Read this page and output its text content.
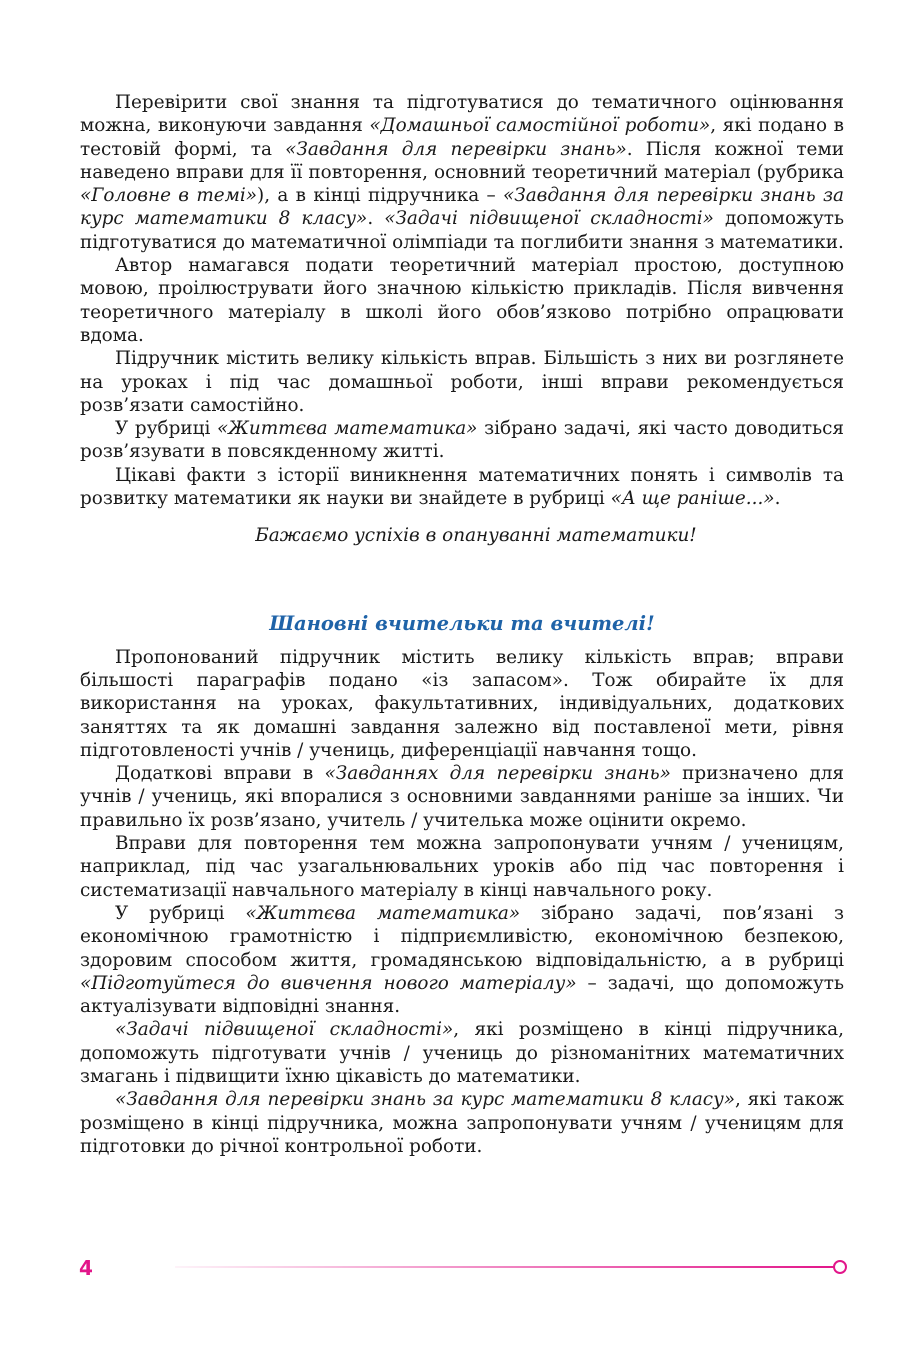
Перевірити свої знання та підготуватися до тематичного оцінювання можна, виконуючи завдання «Домашньої самостійної роботи», які подано в тестовій формі, та «Завдання для перевірки знань». Після кожної теми наведено вправи для її повторення, основний теоретичний матеріал (рубрика «Головне в темі»), а в кінці підручника – «Завдання для перевірки знань за курс математики 8 класу». «Задачі підвищеної складності» допоможуть підготуватися до математичної олімпіади та поглибити знання з математики.

Автор намагався подати теоретичний матеріал простою, доступною мовою, проілюструвати його значною кількістю прикладів. Після вивчення теоретичного матеріалу в школі його обов’язково потрібно опрацювати вдома.

Підручник містить велику кількість вправ. Більшість з них ви розглянете на уроках і під час домашньої роботи, інші вправи рекомендується розв’язати самостійно.

У рубриці «Життєва математика» зібрано задачі, які часто доводиться розв’язувати в повсякденному житті.

Цікаві факти з історії виникнення математичних понять і символів та розвитку математики як науки ви знайдете в рубриці «А ще раніше...».

Бажаємо успіхів в опануванні математики!

Шановні вчительки та вчителі!

Пропонований підручник містить велику кількість вправ; вправи більшості параграфів подано «із запасом». Тож обирайте їх для використання на уроках, факультативних, індивідуальних, додаткових заняттях та як домашні завдання залежно від поставленої мети, рівня підготовленості учнів / учениць, диференціації навчання тощо.

Додаткові вправи в «Завданнях для перевірки знань» призначено для учнів / учениць, які впоралися з основними завданнями раніше за інших. Чи правильно їх розв’язано, учитель / учителька може оцінити окремо.

Вправи для повторення тем можна запропонувати учням / ученицям, наприклад, під час узагальнювальних уроків або під час повторення і систематизації навчального матеріалу в кінці навчального року.

У рубриці «Життєва математика» зібрано задачі, пов’язані з економічною грамотністю і підприємливістю, економічною безпекою, здоровим способом життя, громадянською відповідальністю, а в рубриці «Підготуйтеся до вивчення нового матеріалу» – задачі, що допоможуть актуалізувати відповідні знання.

«Задачі підвищеної складності», які розміщено в кінці підручника, допоможуть підготувати учнів / учениць до різноманітних математичних змагань і підвищити їхню цікавість до математики.

«Завдання для перевірки знань за курс математики 8 класу», які також розміщено в кінці підручника, можна запропонувати учням / ученицям для підготовки до річної контрольної роботи.

4
